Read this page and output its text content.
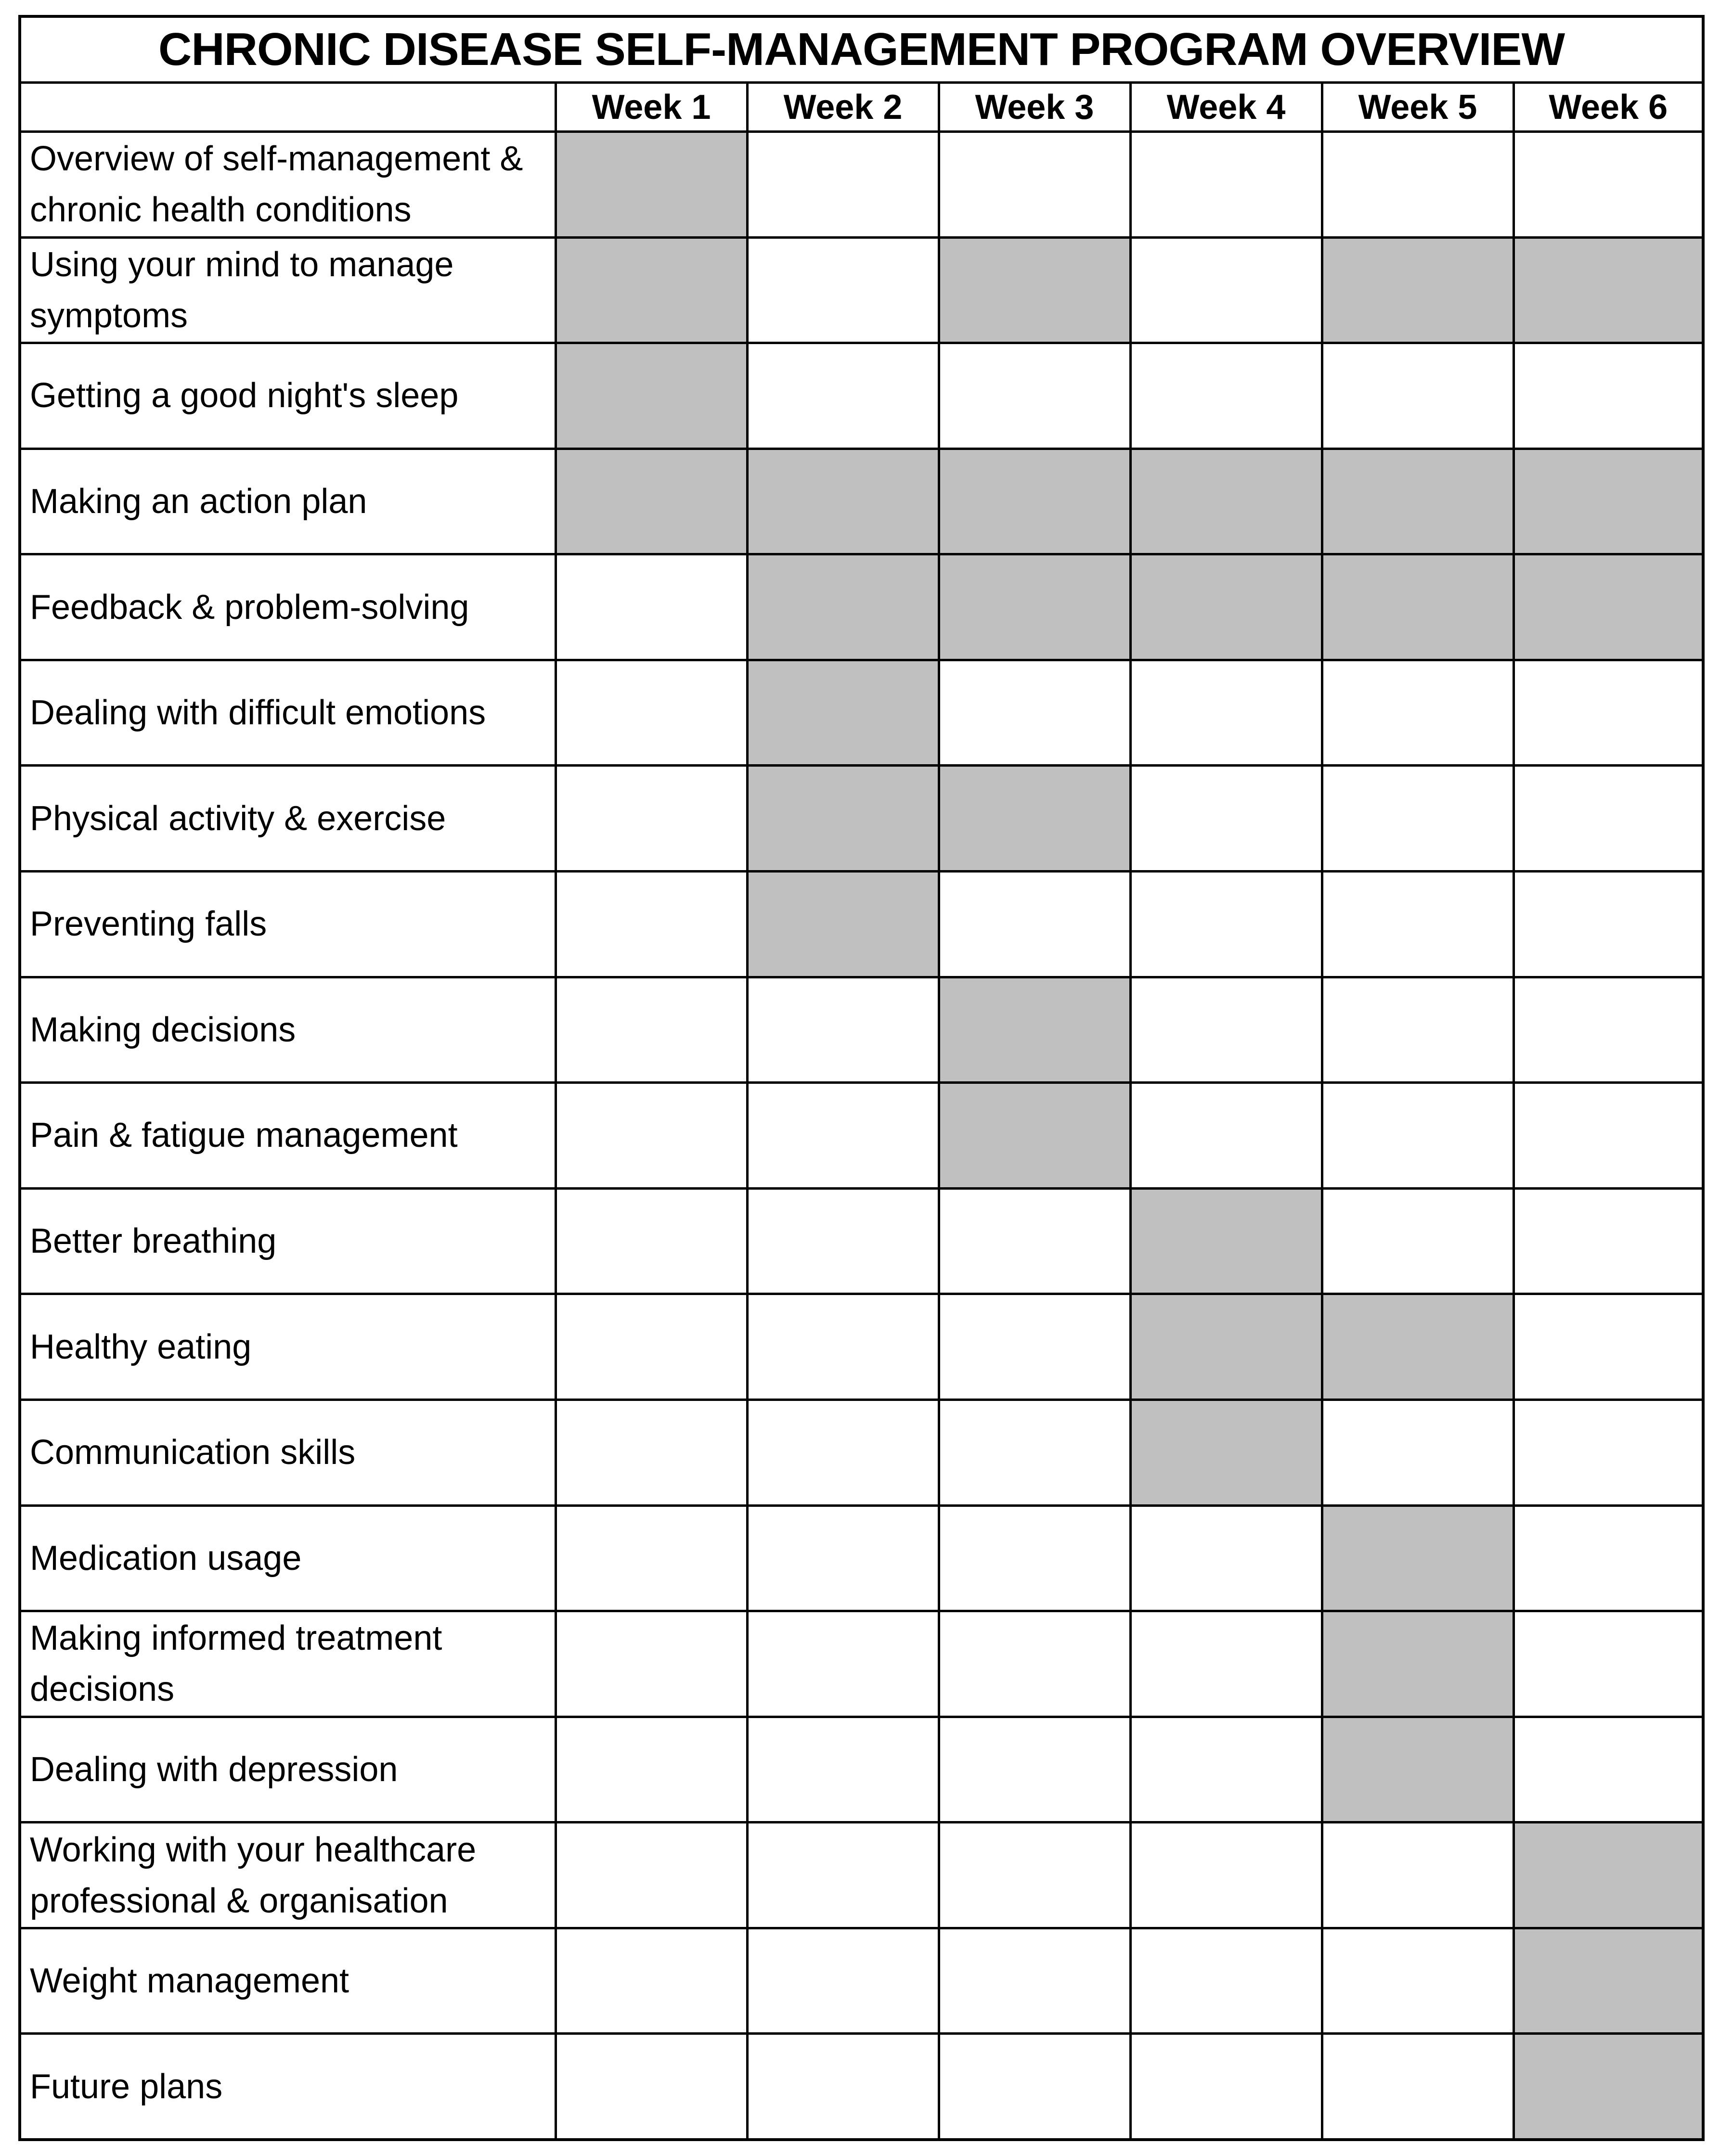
CHRONIC DISEASE SELF-MANAGEMENT PROGRAM OVERVIEW						
	Week 1	Week 2	Week 3	Week 4	Week 5	Week 6
Overview of self-management & chronic health conditions						
Using your mind to manage symptoms						
Getting a good night's sleep						
Making an action plan						
Feedback & problem-solving						
Dealing with difficult emotions						
Physical activity & exercise						
Preventing falls						
Making decisions						
Pain & fatigue management						
Better breathing						
Healthy eating						
Communication skills						
Medication usage						
Making informed treatment decisions						
Dealing with depression						
Working with your healthcare professional & organisation						
Weight management						
Future plans						
